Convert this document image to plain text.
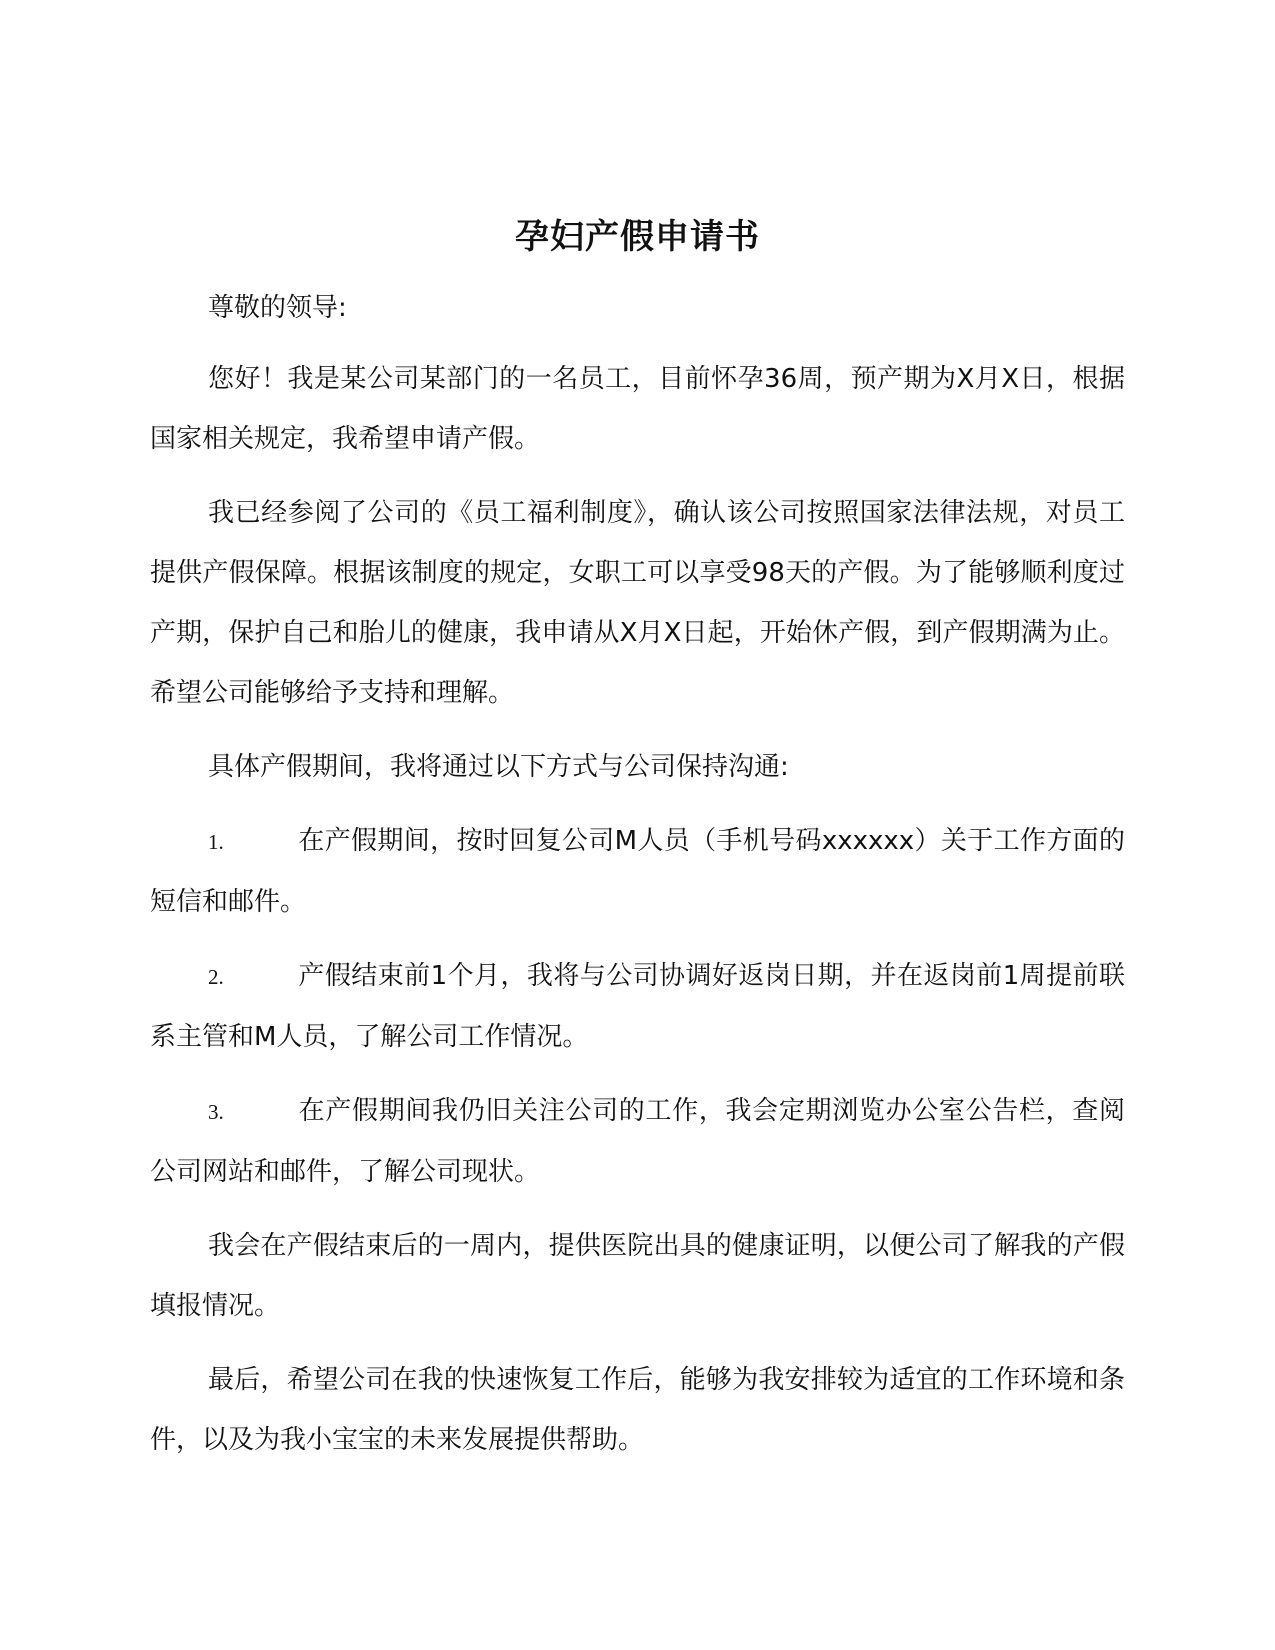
孕妇产假申请书

尊敬的领导:

您好！我是某公司某部门的一名员工，目前怀孕36周，预产期为X月X日，根据国家相关规定，我希望申请产假。

我已经参阅了公司的《员工福利制度》，确认该公司按照国家法律法规，对员工提供产假保障。根据该制度的规定，女职工可以享受98天的产假。为了能够顺利度过产期，保护自己和胎儿的健康，我申请从X月X日起，开始休产假，到产假期满为止。希望公司能够给予支持和理解。

具体产假期间，我将通过以下方式与公司保持沟通:

1.	在产假期间，按时回复公司M人员（手机号码xxxxxx）关于工作方面的短信和邮件。
2.	产假结束前1个月，我将与公司协调好返岗日期，并在返岗前1周提前联系主管和M人员，了解公司工作情况。
3.	在产假期间我仍旧关注公司的工作，我会定期浏览办公室公告栏，查阅公司网站和邮件，了解公司现状。

我会在产假结束后的一周内，提供医院出具的健康证明，以便公司了解我的产假填报情况。

最后，希望公司在我的快速恢复工作后，能够为我安排较为适宜的工作环境和条件，以及为我小宝宝的未来发展提供帮助。
